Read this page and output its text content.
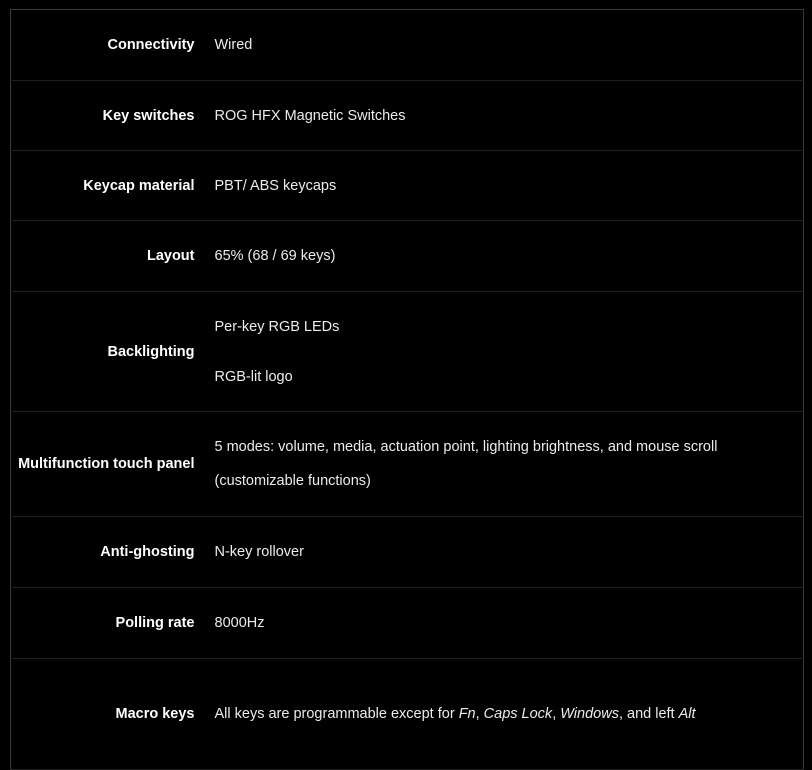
Connectivity	Wired
Key switches	ROG HFX Magnetic Switches
Keycap material	PBT/ ABS keycaps
Layout	65% (68 / 69 keys)
Backlighting	Per-key RGB LEDs
RGB-lit logo

Multifunction touch panel	5 modes: volume, media, actuation point, lighting brightness, and mouse scroll (customizable functions)

Anti-ghosting	N-key rollover
Polling rate	8000Hz
Macro keys	All keys are programmable except for Fn, Caps Lock, Windows, and left Alt
